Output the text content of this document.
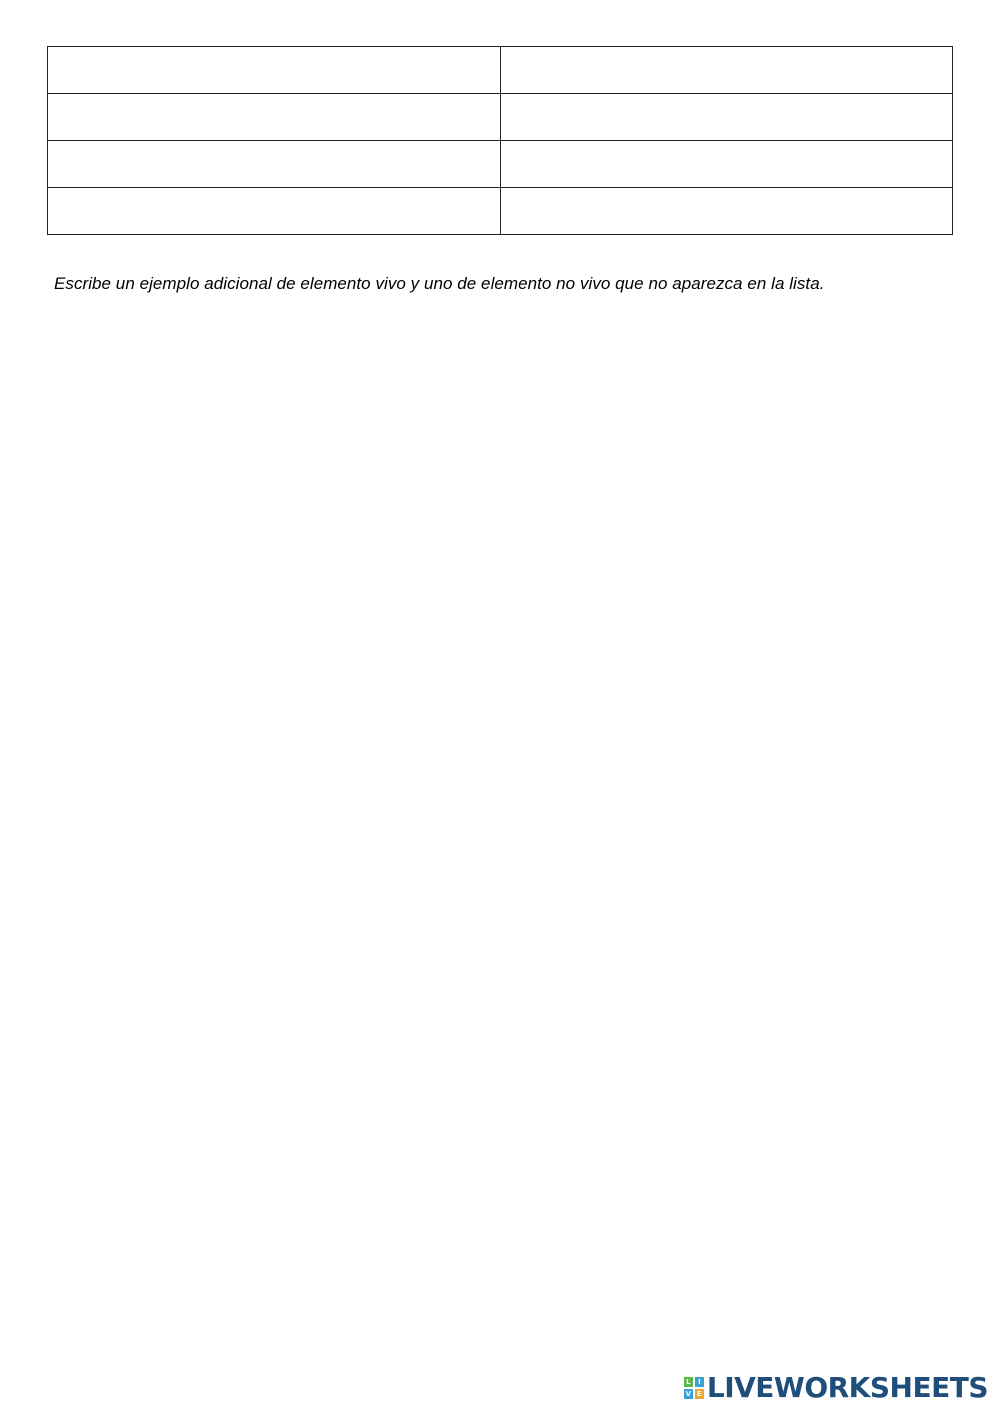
Escribe un ejemplo adicional de elemento vivo y uno de elemento no vivo que no aparezca en la lista.
L	I
V E LIVEWORKSHEETS
